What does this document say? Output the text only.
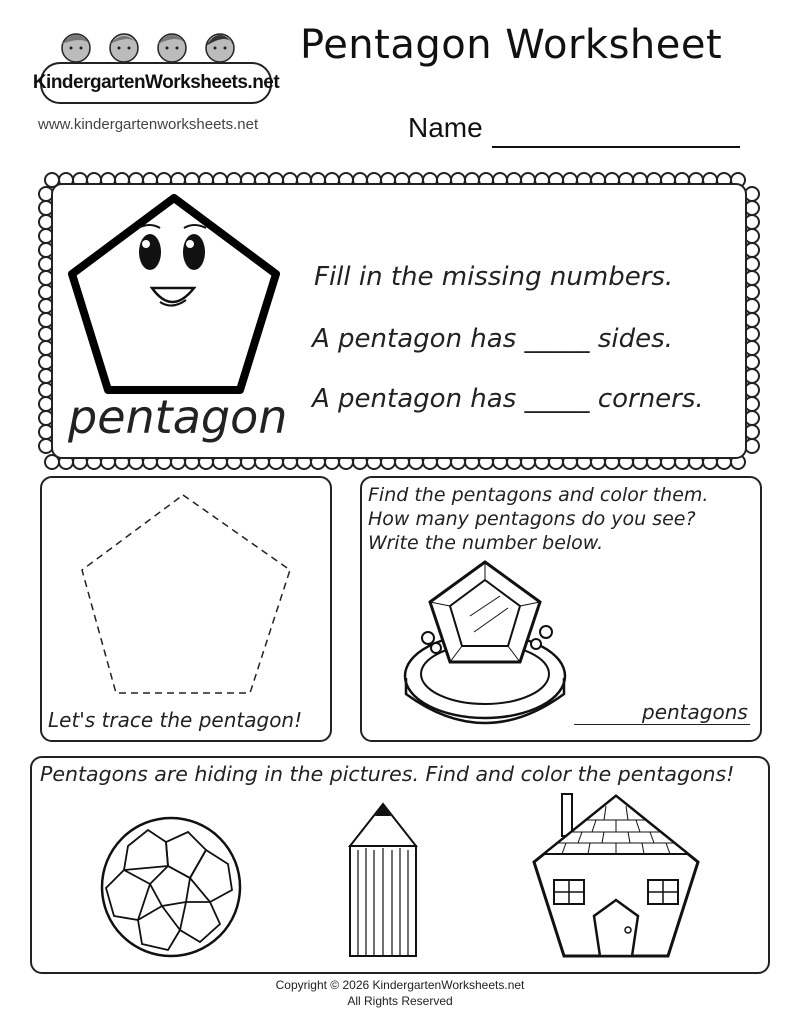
KindergartenWorksheets.net
www.kindergartenworksheets.net
Pentagon Worksheet
Name
pentagon
Fill in the missing numbers.
A pentagon has _____ sides.
A pentagon has _____ corners.
Let's trace the pentagon!
Find the pentagons and color them.
How many pentagons do you see?
Write the number below.
pentagons
Pentagons are hiding in the pictures. Find and color the pentagons!
Copyright © 2026 KindergartenWorksheets.net
All Rights Reserved
